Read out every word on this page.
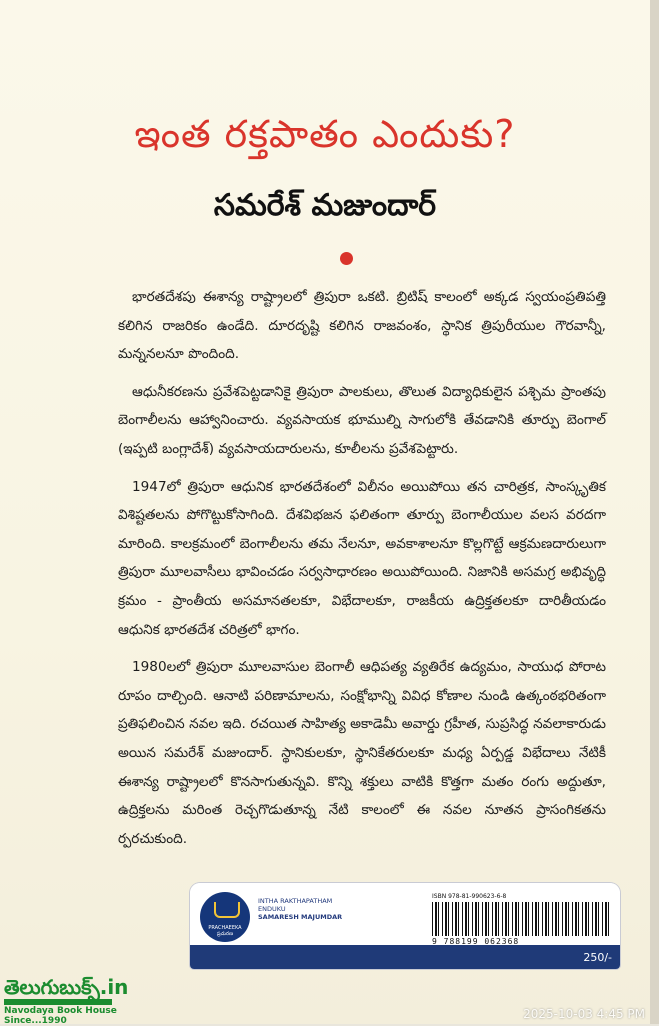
ఇంత రక్తపాతం ఎందుకు?
సమరేశ్ మజుందార్

భారతదేశపు ఈశాన్య రాష్ట్రాలలో త్రిపురా ఒకటి. బ్రిటిష్ కాలంలో అక్కడ స్వయంప్రతిపత్తి కలిగిన రాజరికం ఉండేది. దూరదృష్టి కలిగిన రాజవంశం, స్థానిక త్రిపురీయుల గౌరవాన్నీ, మన్ననలనూ పొందింది.

ఆధునీకరణను ప్రవేశపెట్టడానికై త్రిపురా పాలకులు, తొలుత విద్యాధికులైన పశ్చిమ ప్రాంతపు బెంగాలీలను ఆహ్వానించారు. వ్యవసాయక భూముల్ని సాగులోకి తేవడానికి తూర్పు బెంగాల్ (ఇప్పటి బంగ్లాదేశ్) వ్యవసాయదారులను, కూలీలను ప్రవేశపెట్టారు.

1947లో త్రిపురా ఆధునిక భారతదేశంలో విలీనం అయిపోయి తన చారిత్రక, సాంస్కృతిక విశిష్టతలను పోగొట్టుకోసాగింది. దేశవిభజన ఫలితంగా తూర్పు బెంగాలీయుల వలస వరదగా మారింది. కాలక్రమంలో బెంగాలీలను తమ నేలనూ, అవకాశాలనూ కొల్లగొట్టే ఆక్రమణదారులుగా త్రిపురా మూలవాసీలు భావించడం సర్వసాధారణం అయిపోయింది. నిజానికి అసమగ్ర అభివృద్ధి క్రమం - ప్రాంతీయ అసమానతలకూ, విభేదాలకూ, రాజకీయ ఉద్రిక్తతలకూ దారితీయడం ఆధునిక భారతదేశ చరిత్రలో భాగం.

1980లలో త్రిపురా మూలవాసుల బెంగాలీ ఆధిపత్య వ్యతిరేక ఉద్యమం, సాయుధ పోరాట రూపం దాల్చింది. ఆనాటి పరిణామాలను, సంక్షోభాన్ని వివిధ కోణాల నుండి ఉత్కంఠభరితంగా ప్రతిఫలించిన నవల ఇది. రచయిత సాహిత్య అకాడెమీ అవార్డు గ్రహీత, సుప్రసిద్ధ నవలాకారుడు అయిన సమరేశ్ మజుందార్. స్థానికులకూ, స్థానికేతరులకూ మధ్య ఏర్పడ్డ విభేదాలు నేటికీ ఈశాన్య రాష్ట్రాలలో కొనసాగుతున్నవి. కొన్ని శక్తులు వాటికి కొత్తగా మతం రంగు అద్దుతూ, ఉద్రిక్తలను మరింత రెచ్చగొడుతూన్న నేటి కాలంలో ఈ నవల నూతన ప్రాసంగికతను ర్పరచుకుంది.

PRACHAEEKA
ప్రచురణ
INTHA RAKTHAPATHAM
ENDUKU
SAMARESH MAJUMDAR
ISBN 978-81-990623-6-8
9 788199 062368
250/-
తెలుగుబుక్స్.in
Navodaya Book House
Since...1990	2025-10-03 4:45 PM
